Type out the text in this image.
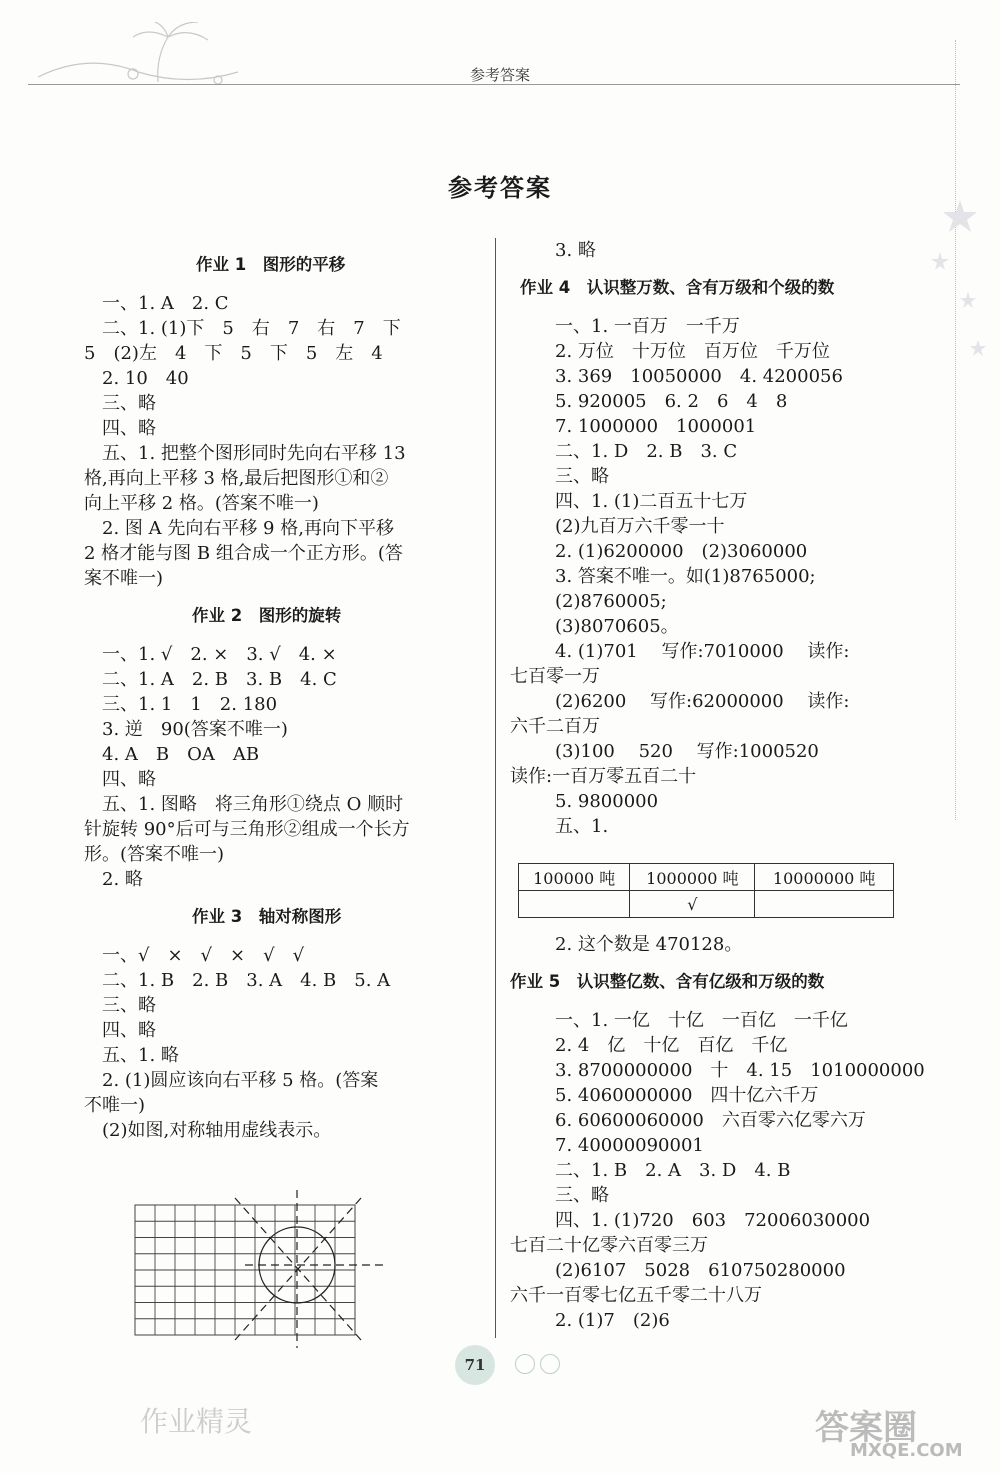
参考答案
参考答案
作业 1　图形的平移
一、1. A　2. C
二、1. (1)下　5　右　7　右　7　下
5　(2)左　4　下　5　下　5　左　4
2. 10　40
三、略
四、略
五、1. 把整个图形同时先向右平移 13
格,再向上平移 3 格,最后把图形①和②
向上平移 2 格。(答案不唯一)
2. 图 A 先向右平移 9 格,再向下平移
2 格才能与图 B 组合成一个正方形。(答
案不唯一)
作业 2　图形的旋转
一、1. √　2. ×　3. √　4. ×
二、1. A　2. B　3. B　4. C
三、1. 1　1　2. 180
3. 逆　90(答案不唯一)
4. A　B　OA　AB
四、略
五、1. 图略　将三角形①绕点 O 顺时
针旋转 90°后可与三角形②组成一个长方
形。(答案不唯一)
2. 略
作业 3　轴对称图形
一、√　×　√　×　√　√
二、1. B　2. B　3. A　4. B　5. A
三、略
四、略
五、1. 略
2. (1)圆应该向右平移 5 格。(答案
不唯一)
(2)如图,对称轴用虚线表示。
3. 略
作业 4　认识整万数、含有万级和个级的数
一、1. 一百万　一千万
2. 万位　十万位　百万位　千万位
3. 369　10050000　4. 4200056
5. 920005　6. 2　6　4　8
7. 1000000　1000001
二、1. D　2. B　3. C
三、略
四、1. (1)二百五十七万
(2)九百万六千零一十
2. (1)6200000　(2)3060000
3. 答案不唯一。如(1)8765000;
(2)8760005;
(3)8070605。
4. (1)701　 写作:7010000　 读作:
七百零一万
(2)6200　 写作:62000000　 读作:
六千二百万
(3)100　 520　 写作:1000520
读作:一百万零五百二十
5. 9800000
五、1.
100000 吨	1000000 吨	10000000 吨
	√	
2. 这个数是 470128。
作业 5　认识整亿数、含有亿级和万级的数
一、1. 一亿　十亿　一百亿　一千亿
2. 4　亿　十亿　百亿　千亿
3. 8700000000　十　4. 15　1010000000
5. 4060000000　四十亿六千万
6. 60600060000　六百零六亿零六万
7. 40000090001
二、1. B　2. A　3. D　4. B
三、略
四、1. (1)720　603　72006030000
七百二十亿零六百零三万
(2)6107　5028　610750280000
六千一百零七亿五千零二十八万
2. (1)7　(2)6
71
作业精灵	答案圈
MXQE.COM
